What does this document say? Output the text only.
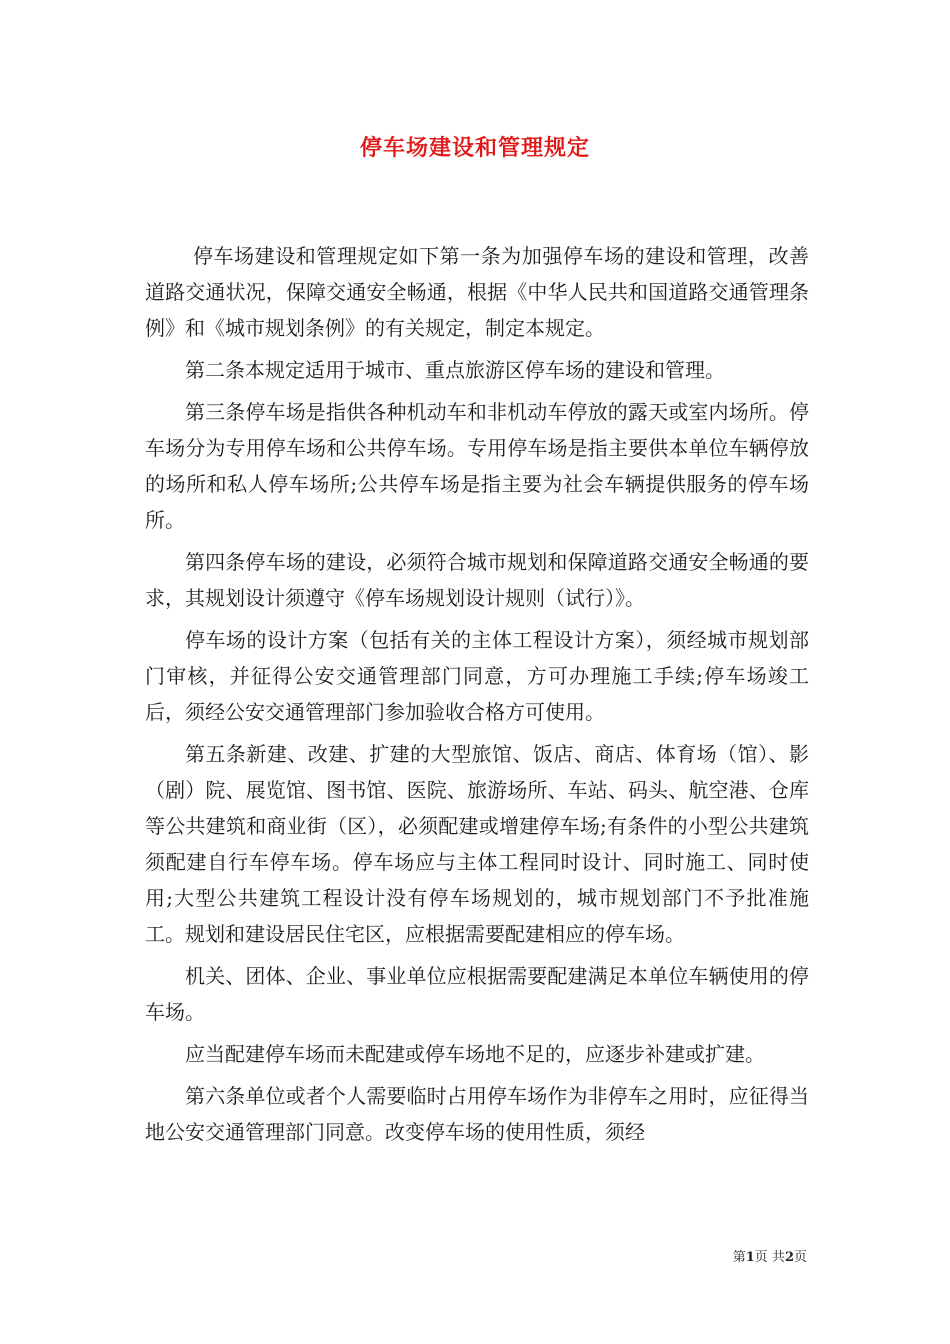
停车场建设和管理规定

停车场建设和管理规定如下第一条为加强停车场的建设和管理，改善道路交通状况，保障交通安全畅通，根据《中华人民共和国道路交通管理条例》和《城市规划条例》的有关规定，制定本规定。

第二条本规定适用于城市、重点旅游区停车场的建设和管理。

第三条停车场是指供各种机动车和非机动车停放的露天或室内场所。停车场分为专用停车场和公共停车场。专用停车场是指主要供本单位车辆停放的场所和私人停车场所;公共停车场是指主要为社会车辆提供服务的停车场所。

第四条停车场的建设，必须符合城市规划和保障道路交通安全畅通的要求，其规划设计须遵守《停车场规划设计规则（试行）》。

停车场的设计方案（包括有关的主体工程设计方案），须经城市规划部门审核，并征得公安交通管理部门同意，方可办理施工手续;停车场竣工后，须经公安交通管理部门参加验收合格方可使用。

第五条新建、改建、扩建的大型旅馆、饭店、商店、体育场（馆）、影（剧）院、展览馆、图书馆、医院、旅游场所、车站、码头、航空港、仓库等公共建筑和商业街（区），必须配建或增建停车场;有条件的小型公共建筑须配建自行车停车场。停车场应与主体工程同时设计、同时施工、同时使用;大型公共建筑工程设计没有停车场规划的，城市规划部门不予批准施工。规划和建设居民住宅区，应根据需要配建相应的停车场。

机关、团体、企业、事业单位应根据需要配建满足本单位车辆使用的停车场。

应当配建停车场而未配建或停车场地不足的，应逐步补建或扩建。

第六条单位或者个人需要临时占用停车场作为非停车之用时，应征得当地公安交通管理部门同意。改变停车场的使用性质，须经

第1页 共2页
